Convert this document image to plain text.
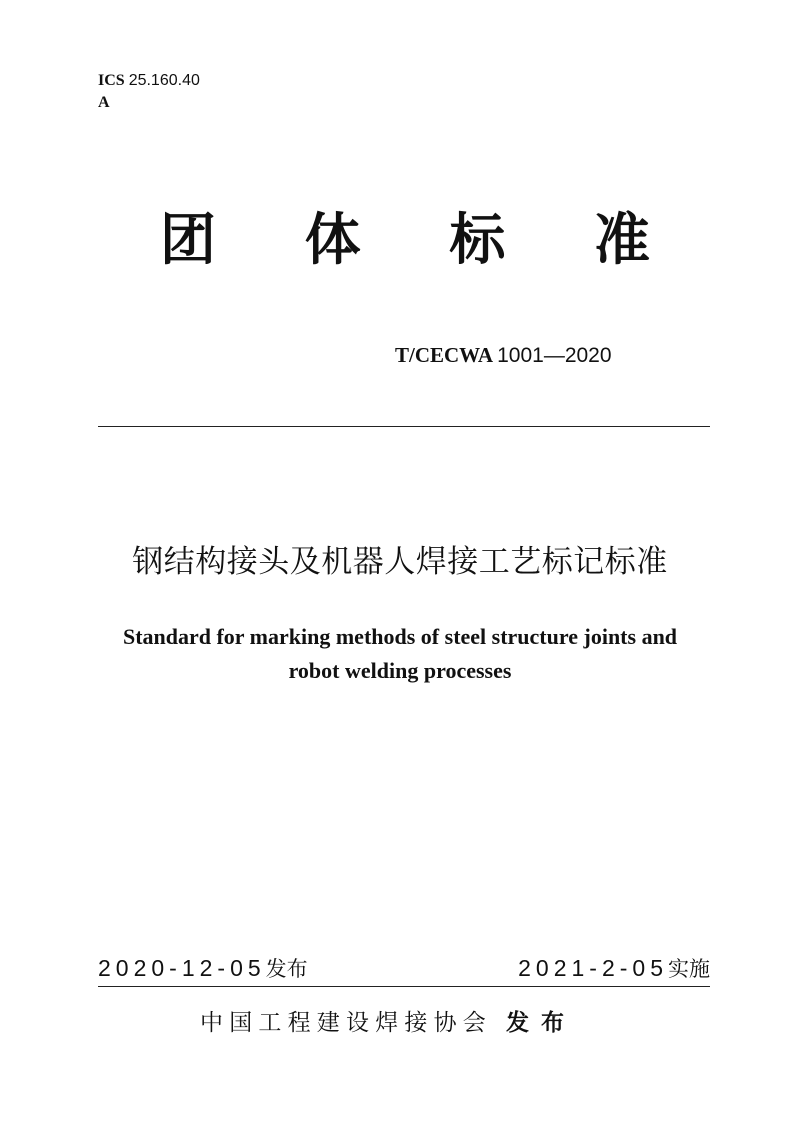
ICS 25.160.40
A
团 体 标 准
T/CECWA 1001—2020
钢结构接头及机器人焊接工艺标记标准
Standard for marking methods of steel structure joints and
robot welding processes
2020-12-05发布	2021-2-05实施
中国工程建设焊接协会 发布
